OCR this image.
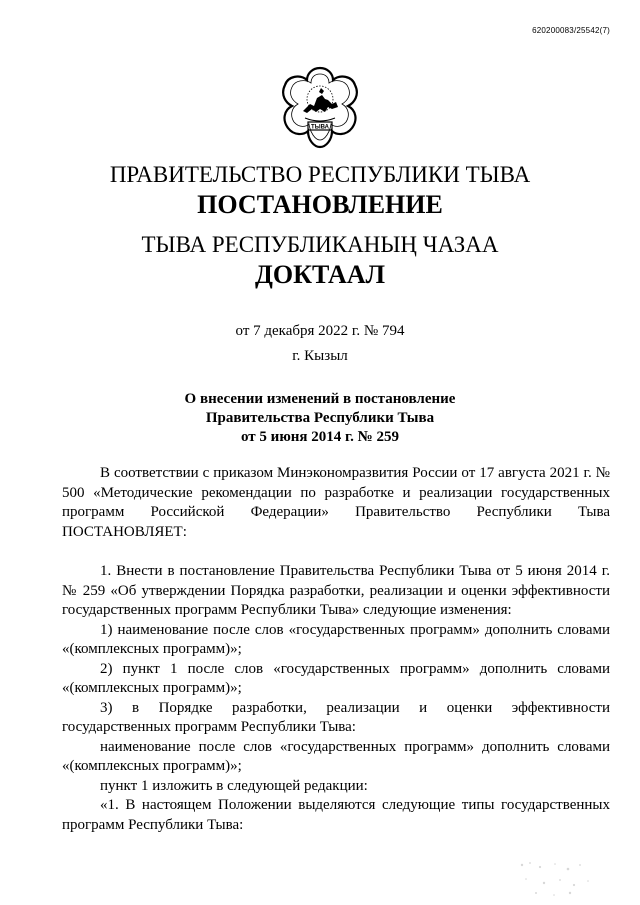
620200083/25542(7)
ТЫВА
ПРАВИТЕЛЬСТВО РЕСПУБЛИКИ ТЫВА
ПОСТАНОВЛЕНИЕ
ТЫВА РЕСПУБЛИКАНЫҢ ЧАЗАА
ДОКТААЛ
от 7 декабря 2022 г. № 794
г. Кызыл
О внесении изменений в постановление
Правительства Республики Тыва
от 5 июня 2014 г. № 259

В соответствии с приказом Минэкономразвития России от 17 августа 2021 г. № 500 «Методические рекомендации по разработке и реализации государственных программ Российской Федерации» Правительство Республики Тыва ПОСТАНОВЛЯЕТ:

1. Внести в постановление Правительства Республики Тыва от 5 июня 2014 г. № 259 «Об утверждении Порядка разработки, реализации и оценки эффективности государственных программ Республики Тыва» следующие изменения:

1) наименование после слов «государственных программ» дополнить словами «(комплексных программ)»;

2) пункт 1 после слов «государственных программ» дополнить словами «(комплексных программ)»;

3) в Порядке разработки, реализации и оценки эффективности государственных программ Республики Тыва:

наименование после слов «государственных программ» дополнить словами «(комплексных программ)»;

пункт 1 изложить в следующей редакции:

«1. В настоящем Положении выделяются следующие типы государственных программ Республики Тыва:
